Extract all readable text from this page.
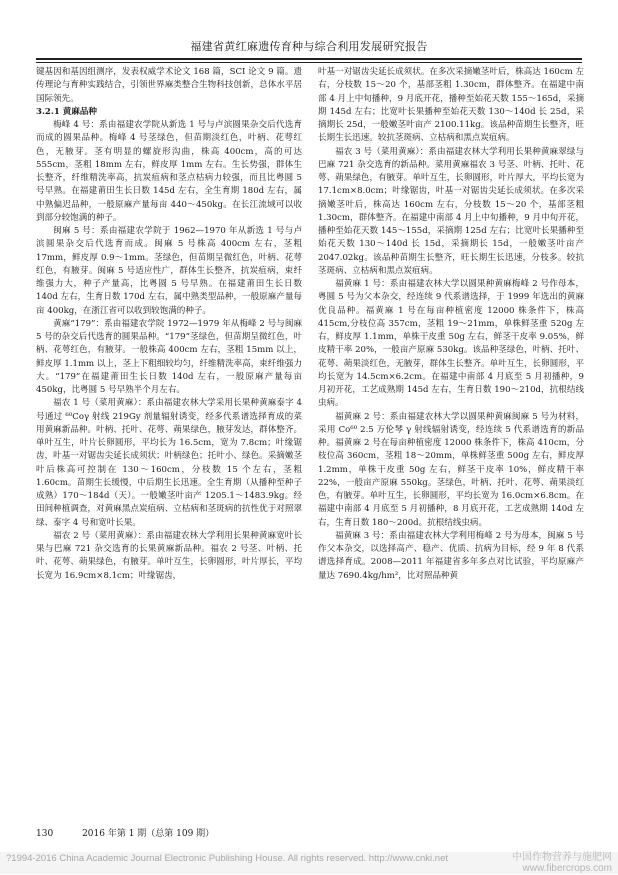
福建省黄红麻遗传育种与综合利用发展研究报告

键基因和基因组测序，发表权威学术论文 168 篇，SCI 论文 9 篇。遗传理论与育种实践结合，引领世界麻类整合生物科技创新，总体水平居国际领先。

3.2.1 黄麻品种

梅峰 4 号：系由福建农学院从新选 1 号与卢滨圆果杂交后代选育而成的圆果品种。梅峰 4 号茎绿色，但苗期淡红色，叶柄、花萼红色，无腋芽。茎有明显的螺旋形沟曲，株高 400cm，高的可达 555cm，茎粗 18mm 左右，鲜皮厚 1mm 左右。生长势强，群体生长整齐，纤维精洗率高，抗炭疽病和茎点枯病力较强，而且比粤圆 5 号早熟。在福建莆田生长日数 145d 左右，全生育期 180d 左右，属中熟偏迟品种，一般原麻产量每亩 440～450kg。在长江流域可以收到部分较饱满的种子。

闽麻 5 号：系由福建农学院于 1962—1970 年从新选 1 号与卢滨圆果杂交后代选育而成。闽麻 5 号株高 400cm 左右，茎粗 17mm，鲜皮厚 0.9～1mm。茎绿色，但苗期呈微红色，叶柄、花萼红色，有腋芽。闽麻 5 号适应性广，群体生长整齐，抗炭疽病，束纤维强力大，种子产量高，比粤圆 5 号早熟。在福建莆田生长日数 140d 左右，生育日数 170d 左右，属中熟类型品种，一般原麻产量每亩 400kg，在浙江省可以收到较饱满的种子。

黄麻“179”：系由福建农学院 1972—1979 年从梅峰 2 号与闽麻 5 号的杂交后代选育的圆果品种。“179”茎绿色，但苗期呈微红色，叶柄、花萼红色，有腋芽。一般株高 400cm 左右，茎粗 15mm 以上，鲜皮厚 1.1mm 以上，茎上下粗细较均匀，纤维精洗率高，束纤维强力大。“179”在福建莆田生长日数 140d 左右，一般原麻产量每亩 450kg，比粤圆 5 号早熟半个月左右。

福农 1 号（菜用黄麻）：系由福建农林大学采用长果种黄麻泰字 4 号通过 ⁶⁰Coγ 射线 219Gy 剂量辐射诱变，经多代系谱选择育成的菜用黄麻新品种。叶柄、托叶、花萼、蒴果绿色，腋芽发达，群体整齐。单叶互生，叶片长卵圆形，平均长为 16.5cm，宽为 7.8cm；叶缘锯齿，叶基一对锯齿尖延长成须状；叶柄绿色；托叶小、绿色。采摘嫩茎叶后株高可控制在 130～160cm，分枝数 15 个左右，茎粗 1.60cm。苗期生长缓慢，中后期生长迅速。全生育期（从播种至种子成熟）170～184d（天）。一般嫩茎叶亩产 1205.1～1483.9kg。经田间种植调查，对黄麻黑点炭疽病、立枯病和茎斑病的抗性优于对照翠绿、泰字 4 号和宽叶长果。

福农 2 号（菜用黄麻）：系由福建农林大学利用长果种黄麻宽叶长果与巴麻 721 杂交选育的长果黄麻新品种。福农 2 号茎、叶柄、托叶、花萼、蒴果绿色，有腋芽。单叶互生，长卵圆形，叶片厚长，平均长宽为 16.9cm×8.1cm；叶缘锯齿，

叶基一对锯齿尖延长成须状。在多次采摘嫩茎叶后，株高达 160cm 左右，分枝数 15～20 个，基部茎粗 1.30cm，群体整齐。在福建中南部 4 月上中旬播种，9 月底开花，播种至始花天数 155～165d，采摘期 145d 左右；比宽叶长果播种至始花天数 130～140d 长 25d，采摘期长 25d，一般嫩茎叶亩产 2100.11kg。该品种苗期生长整齐，旺长期生长迅速。较抗茎斑病、立枯病和黑点炭疽病。

福农 3 号（菜用黄麻）：系由福建农林大学利用长果种黄麻翠绿与巴麻 721 杂交选育的新品种。菜用黄麻福农 3 号茎、叶柄、托叶、花萼、蒴果绿色，有腋芽。单叶互生，长卵圆形，叶片厚大，平均长宽为 17.1cm×8.0cm；叶缘锯齿，叶基一对锯齿尖延长成须状。在多次采摘嫩茎叶后，株高达 160cm 左右，分枝数 15～20 个，基部茎粗 1.30cm，群体整齐。在福建中南部 4 月上中旬播种，9 月中旬开花，播种至始花天数 145～155d，采摘期 125d 左右；比宽叶长果播种至始花天数 130～140d 长 15d，采摘期长 15d，一般嫩茎叶亩产 2047.02kg。该品种苗期生长整齐，旺长期生长迅速，分枝多。较抗茎斑病、立枯病和黑点炭疽病。

福黄麻 1 号：系由福建农林大学以圆果种黄麻梅峰 2 号作母本，粤圆 5 号为父本杂交，经连续 9 代系谱选择，于 1999 年选出的黄麻优良品种。福黄麻 1 号在每亩种植密度 12000 株条件下，株高 415cm,分枝位高 357cm，茎粗 19～21mm，单株鲜茎重 520g 左右，鲜皮厚 1.1mm，单株干皮重 50g 左右，鲜茎干皮率 9.05%，鲜皮精干率 20%，一般亩产原麻 530kg。该品种茎绿色，叶柄、托叶、花萼、蒴果淡红色，无腋芽，群体生长整齐。单叶互生，长卵圆形，平均长宽为 14.5cm×6.2cm。在福建中南部 4 月底至 5 月初播种，9 月初开花，工艺成熟期 145d 左右，生育日数 190～210d，抗根结线虫病。

福黄麻 2 号：系由福建农林大学以圆果种黄麻闽麻 5 号为材料，采用 Co⁶⁰ 2.5 万伦琴 γ 射线辐射诱变，经连续 5 代系谱选育的新品种。福黄麻 2 号在每亩种植密度 12000 株条件下，株高 410cm，分枝位高 360cm，茎粗 18～20mm，单株鲜茎重 500g 左右，鲜皮厚 1.2mm，单株干皮重 50g 左右，鲜茎干皮率 10%，鲜皮精干率 22%，一般亩产原麻 550kg。茎绿色，叶柄、托叶、花萼、蒴果淡红色，有腋芽。单叶互生，长卵圆形，平均长宽为 16.0cm×6.8cm。在福建中南部 4 月底至 5 月初播种，8 月底开花，工艺成熟期 140d 左右，生育日数 180～200d。抗根结线虫病。

福黄麻 3 号：系由福建农林大学利用梅峰 2 号为母本，闽麻 5 号作父本杂交，以选择高产、稳产、优质、抗病为目标，经 9 年 8 代系谱选择育成。2008—2011 年福建省多年多点对比试验，平均原麻产量达 7690.4kg/hm²，比对照品种黄

130	2016 年第 1 期（总第 109 期）
?1994-2016 China Academic Journal Electronic Publishing House. All rights reserved. http://www.cnki.net	中国作物营养与施肥网
www.fibercrops.com
